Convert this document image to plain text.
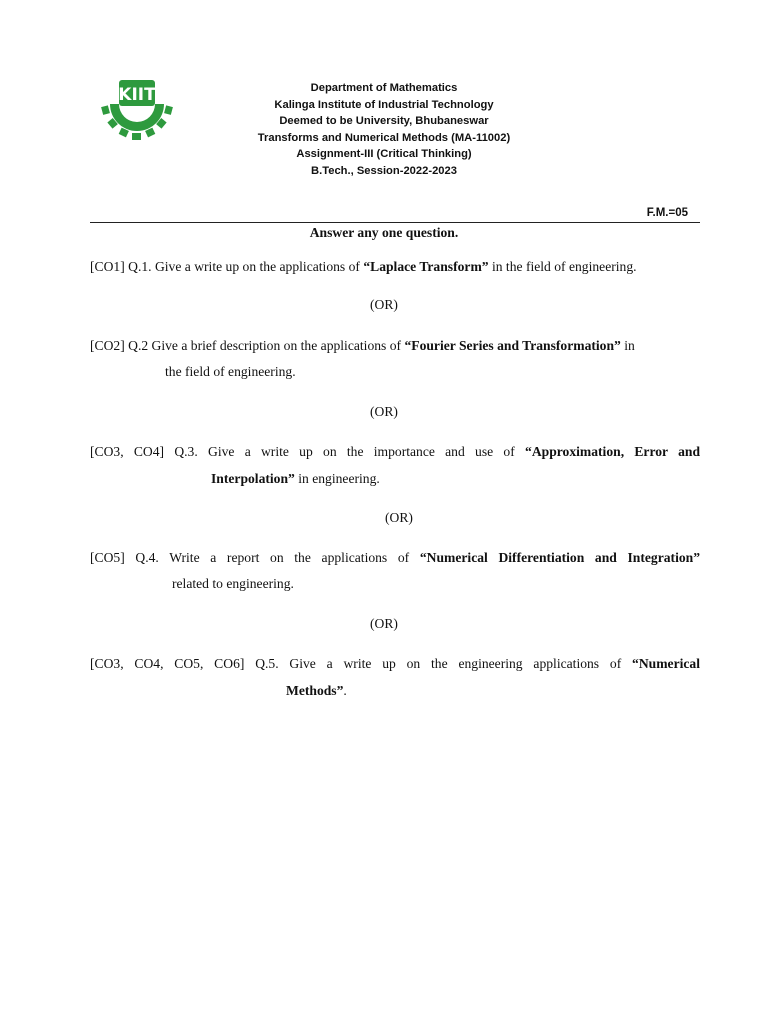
KIIT	Department of Mathematics
Kalinga Institute of Industrial Technology
Deemed to be University, Bhubaneswar
Transforms and Numerical Methods (MA-11002)
Assignment-III (Critical Thinking)
B.Tech., Session-2022-2023
F.M.=05
Answer any one question.
[CO1] Q.1. Give a write up on the applications of “Laplace Transform” in the field of engineering.
(OR)
[CO2] Q.2 Give a brief description on the applications of “Fourier Series and Transformation” in
the field of engineering.
(OR)
[CO3, CO4] Q.3. Give a write up on the importance and use of “Approximation, Error and
Interpolation” in engineering.
(OR)
[CO5] Q.4. Write a report on the applications of “Numerical Differentiation and Integration”
related to engineering.
(OR)
[CO3, CO4, CO5, CO6] Q.5. Give a write up on the engineering applications of “Numerical
Methods”.
